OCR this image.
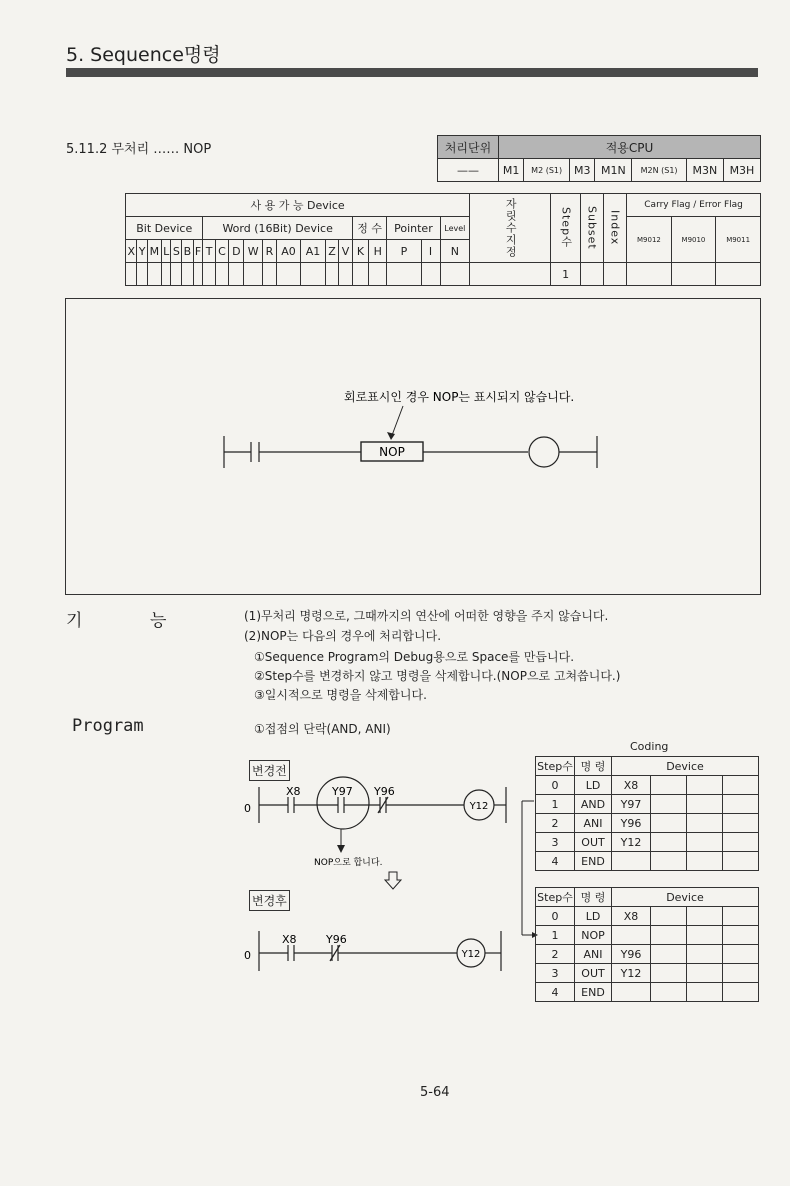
5. Sequence명령
5.11.2 무처리 …… NOP	처리단위	적용CPU						
——	M1	M2 (S1)	M3	M1N	M2N (S1)	M3N	M3H
사 용 가 능 Device																					자릿수지정	Step수	Subset	Index	Carry Flag / Error Flag		
Bit Device							Word (16Bit) Device									정 수		Pointer		Level					M9012	M9010	M9011
X	Y	M	L	S	B	F	T	C	D	W	R	A0	A1	Z	V	K	H	P	I	N							
																						1					
회로표시인 경우 NOP는 표시되지 않습니다.
NOP
기	능	(1)무처리 명령으로, 그때까지의 연산에 어떠한 영향을 주지 않습니다.
(2)NOP는 다음의 경우에 처리합니다.
①Sequence Program의 Debug용으로 Space를 만듭니다.
②Step수를 변경하지 않고 명령을 삭제합니다.(NOP으로 고쳐씁니다.)
③일시적으로 명령을 삭제합니다.
Program	①접점의 단락(AND, ANI)
Coding
변경전
변경후
0
X8	Y97 Y96
Y12
NOP으로 합니다.
0
X8	Y96
Y12
Step수	명 령	Device			
0	LD	X8			
1	AND	Y97			
2	ANI	Y96			
3	OUT	Y12			
4	END				
Step수	명 령	Device			
0	LD	X8			
1	NOP				
2	ANI	Y96			
3	OUT	Y12			
4	END				
5-64
